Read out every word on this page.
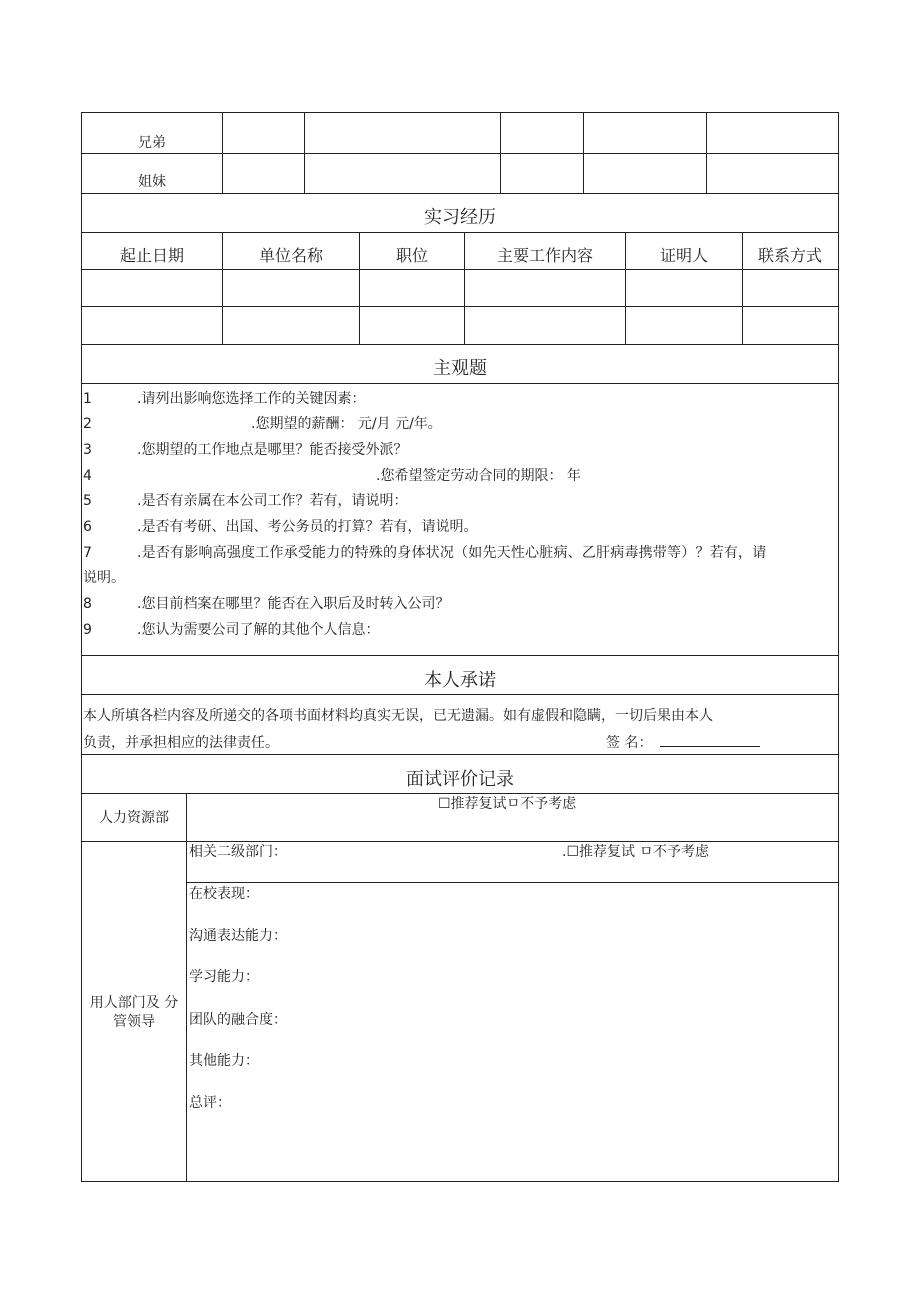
兄弟
姐妹
实习经历
起止日期	单位名称	职位	主要工作内容	证明人	联系方式
主观题
1	.请列出影响您选择工作的关键因素：
2	.您期望的薪酬： 元/月 元/年。
3	.您期望的工作地点是哪里？能否接受外派？
4	.您希望签定劳动合同的期限： 年
5	.是否有亲属在本公司工作？若有，请说明：
6	.是否有考研、出国、考公务员的打算？若有，请说明。
7	.是否有影响高强度工作承受能力的特殊的身体状况（如先天性心脏病、乙肝病毒携带等）？若有，请
说明。
8	.您目前档案在哪里？能否在入职后及时转入公司？
9	.您认为需要公司了解的其他个人信息：
本人承诺
本人所填各栏内容及所递交的各项书面材料均真实无误，已无遗漏。如有虚假和隐瞒，一切后果由本人
负责，并承担相应的法律责任。	签 名：
面试评价记录
人力资源部
☐推荐复试ㅁ不予考虑
相关二级部门：	.☐推荐复试 ㅁ不予考虑
用人部门及 分
管领导
在校表现：
沟通表达能力：
学习能力：
团队的融合度：
其他能力：
总评：
